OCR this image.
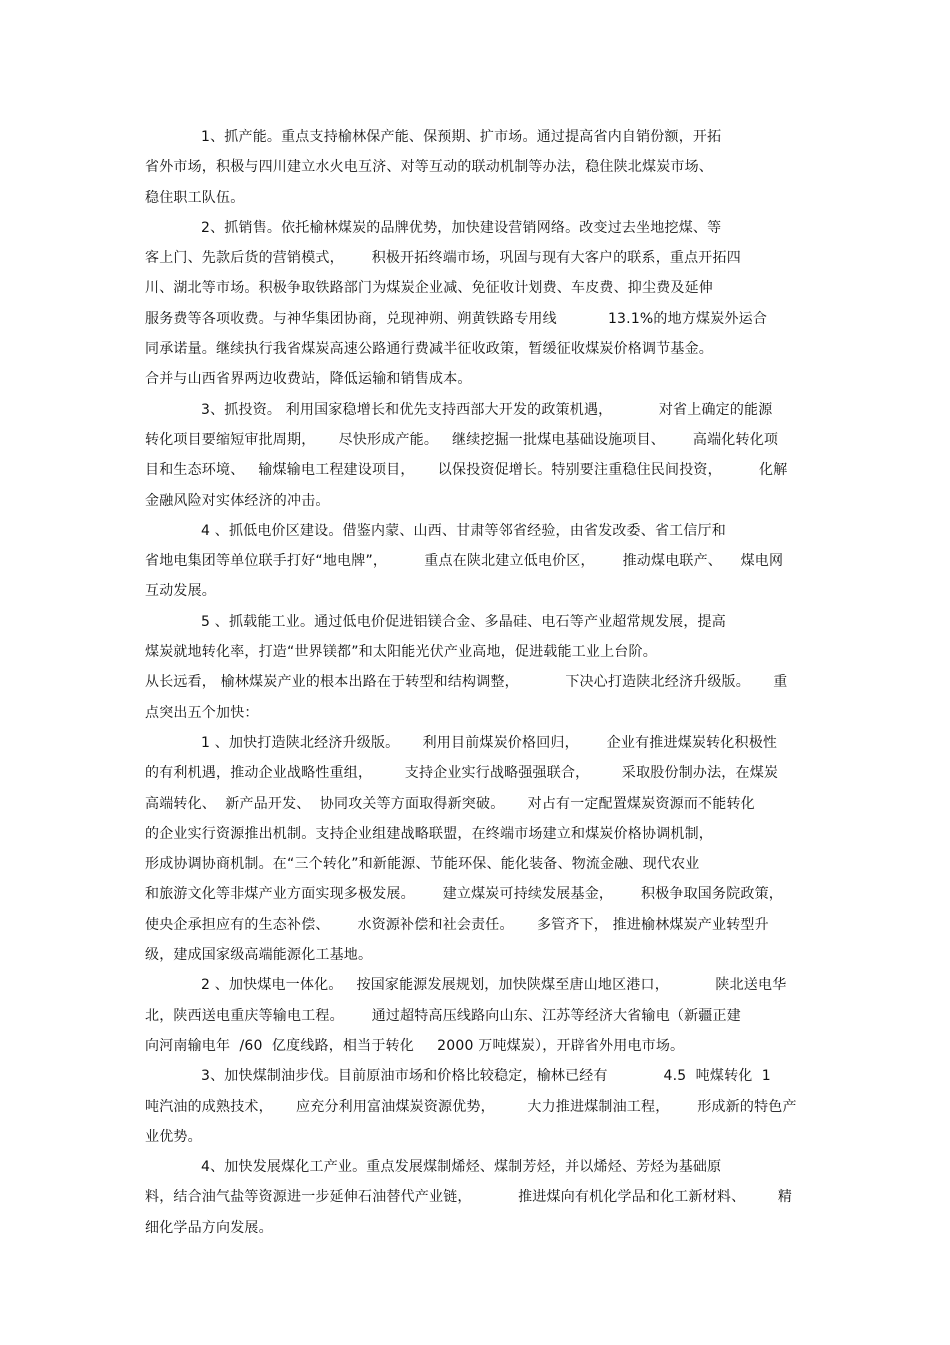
1、抓产能。重点支持榆林保产能、保预期、扩市场。通过提高省内自销份额，开拓
省外市场，积极与四川建立水火电互济、对等互动的联动机制等办法，稳住陕北煤炭市场、
稳住职工队伍。
2、抓销售。依托榆林煤炭的品牌优势，加快建设营销网络。改变过去坐地挖煤、等
客上门、先款后货的营销模式，      积极开拓终端市场，巩固与现有大客户的联系，重点开拓四
川、湖北等市场。积极争取铁路部门为煤炭企业减、免征收计划费、车皮费、抑尘费及延伸
服务费等各项收费。与神华集团协商，兑现神朔、朔黄铁路专用线           13.1%的地方煤炭外运合
同承诺量。继续执行我省煤炭高速公路通行费减半征收政策，暂缓征收煤炭价格调节基金。
合并与山西省界两边收费站，降低运输和销售成本。
3、抓投资。 利用国家稳增长和优先支持西部大开发的政策机遇，          对省上确定的能源
转化项目要缩短审批周期，     尽快形成产能。   继续挖掘一批煤电基础设施项目、      高端化转化项
目和生态环境、   输煤输电工程建设项目，     以保投资促增长。特别要注重稳住民间投资，        化解
金融风险对实体经济的冲击。
4 、抓低电价区建设。借鉴内蒙、山西、甘肃等邻省经验，由省发改委、省工信厅和
省地电集团等单位联手打好“地电牌”，        重点在陕北建立低电价区，      推动煤电联产、    煤电网
互动发展。
5 、抓载能工业。通过低电价促进铝镁合金、多晶硅、电石等产业超常规发展，提高
煤炭就地转化率，打造“世界镁都”和太阳能光伏产业高地，促进载能工业上台阶。
从长远看， 榆林煤炭产业的根本出路在于转型和结构调整，          下决心打造陕北经济升级版。     重
点突出五个加快：
1 、加快打造陕北经济升级版。     利用目前煤炭价格回归，      企业有推进煤炭转化积极性
的有利机遇，推动企业战略性重组，       支持企业实行战略强强联合，       采取股份制办法，在煤炭
高端转化、  新产品开发、  协同攻关等方面取得新突破。     对占有一定配置煤炭资源而不能转化
的企业实行资源推出机制。支持企业组建战略联盟，在终端市场建立和煤炭价格协调机制，
形成协调协商机制。在“三个转化”和新能源、节能环保、能化装备、物流金融、现代农业
和旅游文化等非煤产业方面实现多极发展。      建立煤炭可持续发展基金，      积极争取国务院政策，
使央企承担应有的生态补偿、      水资源补偿和社会责任。     多管齐下， 推进榆林煤炭产业转型升
级，建成国家级高端能源化工基地。
2 、加快煤电一体化。   按国家能源发展规划，加快陕煤至唐山地区港口，          陕北送电华
北，陕西送电重庆等输电工程。      通过超特高压线路向山东、江苏等经济大省输电（新疆正建
向河南输电年  /60  亿度线路，相当于转化     2000 万吨煤炭），开辟省外用电市场。
3、加快煤制油步伐。目前原油市场和价格比较稳定，榆林已经有            4.5  吨煤转化  1
吨汽油的成熟技术，     应充分利用富油煤炭资源优势，       大力推进煤制油工程，      形成新的特色产
业优势。
4、加快发展煤化工产业。重点发展煤制烯烃、煤制芳烃，并以烯烃、芳烃为基础原
料，结合油气盐等资源进一步延伸石油替代产业链，          推进煤向有机化学品和化工新材料、       精
细化学品方向发展。
